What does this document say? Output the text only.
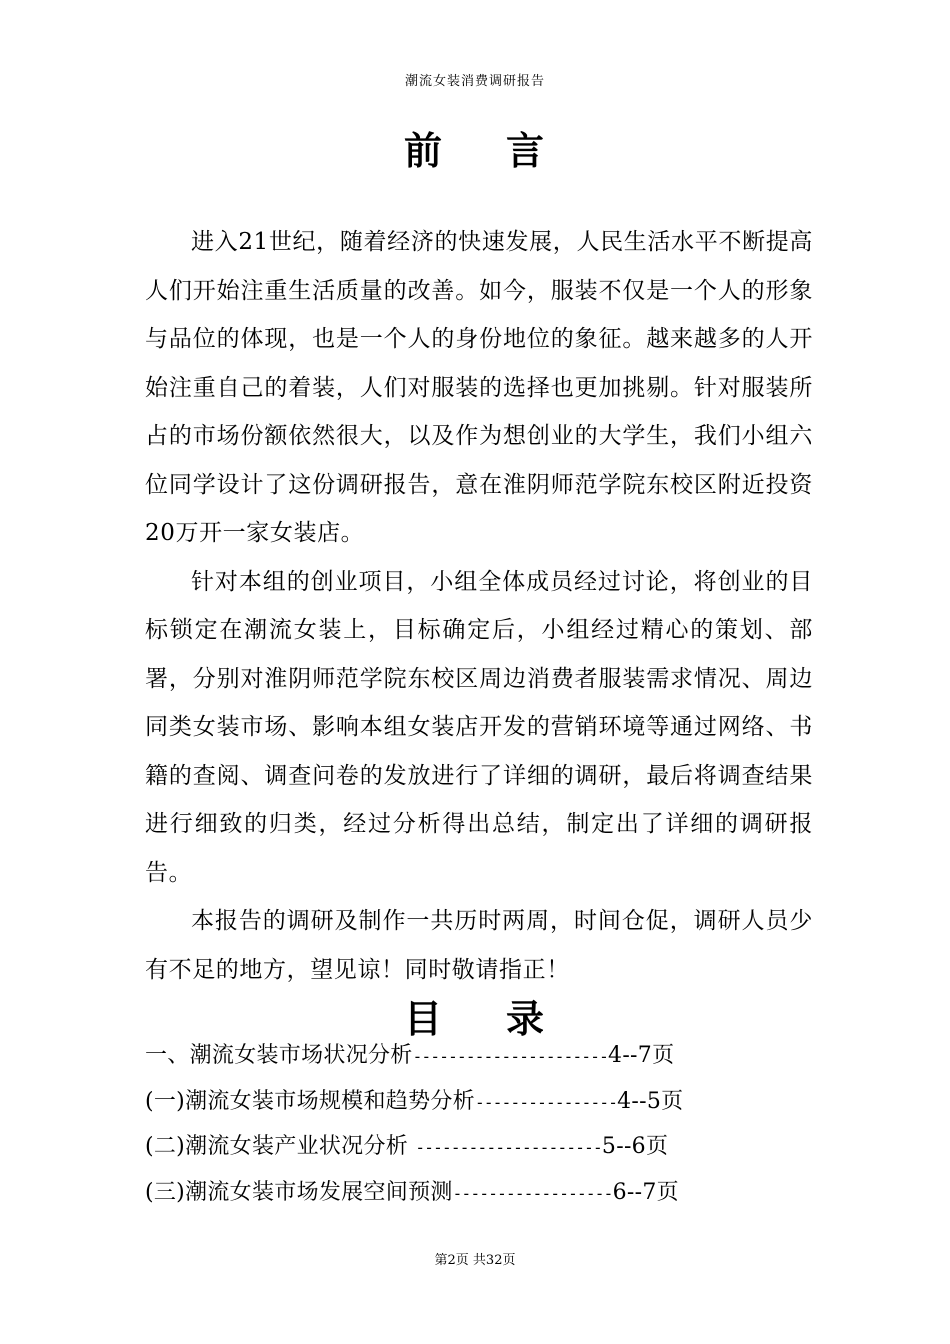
潮流女装消费调研报告
前 言

进入21世纪，随着经济的快速发展，人民生活水平不断提高人们开始注重生活质量的改善。如今，服装不仅是一个人的形象与品位的体现，也是一个人的身份地位的象征。越来越多的人开始注重自己的着装，人们对服装的选择也更加挑剔。针对服装所占的市场份额依然很大，以及作为想创业的大学生，我们小组六位同学设计了这份调研报告，意在淮阴师范学院东校区附近投资20万开一家女装店。

针对本组的创业项目，小组全体成员经过讨论，将创业的目标锁定在潮流女装上，目标确定后，小组经过精心的策划、部署，分别对淮阴师范学院东校区周边消费者服装需求情况、周边同类女装市场、影响本组女装店开发的营销环境等通过网络、书籍的查阅、调查问卷的发放进行了详细的调研，最后将调查结果进行细致的归类，经过分析得出总结，制定出了详细的调研报告。

本报告的调研及制作一共历时两周，时间仓促，调研人员少有不足的地方，望见谅！同时敬请指正！

目 录
一、潮流女装市场状况分析----------------------4--7页
(一)潮流女装市场规模和趋势分析----------------4--5页
(二)潮流女装产业状况分析 ---------------------5--6页
(三)潮流女装市场发展空间预测------------------6--7页
第2页 共32页
